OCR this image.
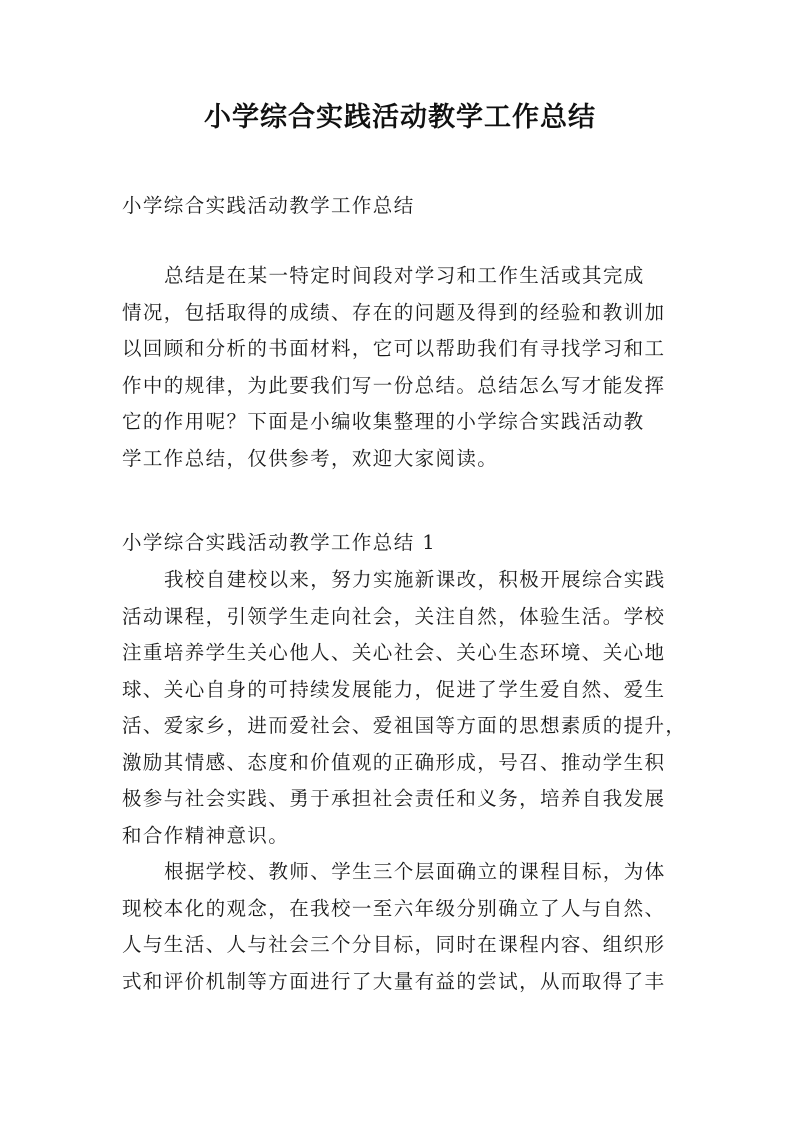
小学综合实践活动教学工作总结
小学综合实践活动教学工作总结
总结是在某一特定时间段对学习和工作生活或其完成
情况，包括取得的成绩、存在的问题及得到的经验和教训加
以回顾和分析的书面材料，它可以帮助我们有寻找学习和工
作中的规律，为此要我们写一份总结。总结怎么写才能发挥
它的作用呢？下面是小编收集整理的小学综合实践活动教
学工作总结，仅供参考，欢迎大家阅读。
小学综合实践活动教学工作总结 1
我校自建校以来，努力实施新课改，积极开展综合实践
活动课程，引领学生走向社会，关注自然，体验生活。学校
注重培养学生关心他人、关心社会、关心生态环境、关心地
球、关心自身的可持续发展能力，促进了学生爱自然、爱生
活、爱家乡，进而爱社会、爱祖国等方面的思想素质的提升，
激励其情感、态度和价值观的正确形成，号召、推动学生积
极参与社会实践、勇于承担社会责任和义务，培养自我发展
和合作精神意识。
根据学校、教师、学生三个层面确立的课程目标，为体
现校本化的观念，在我校一至六年级分别确立了人与自然、
人与生活、人与社会三个分目标，同时在课程内容、组织形
式和评价机制等方面进行了大量有益的尝试，从而取得了丰
